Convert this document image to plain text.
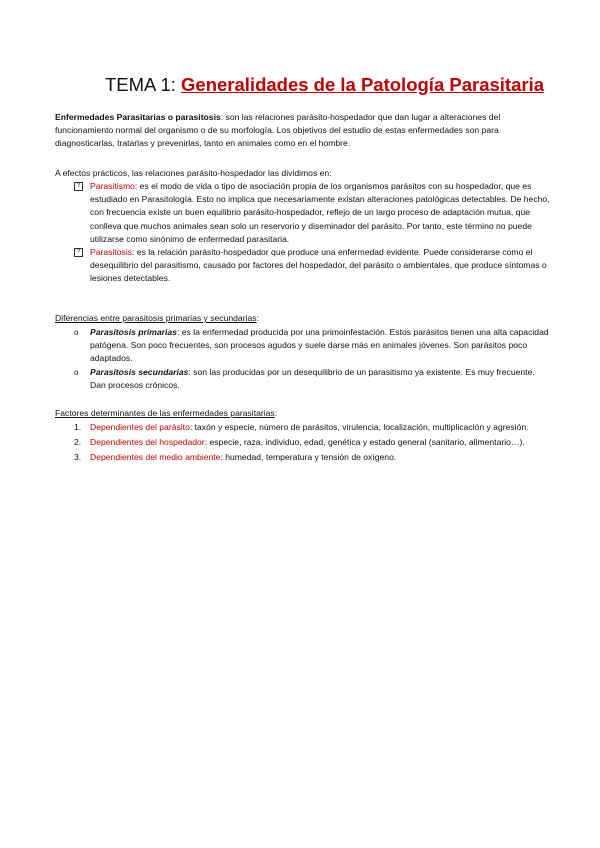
TEMA 1: Generalidades de la Patología Parasitaria

Enfermedades Parasitarias o parasitosis: son las relaciones parásito-hospedador que dan lugar a alteraciones del funcionamiento normal del organismo o de su morfología. Los objetivos del estudio de estas enfermedades son para diagnosticarlas, tratarlas y prevenirlas, tanto en animales como en el hombre.

A efectos prácticos, las relaciones parásito-hospedador las dividimos en:

?	Parasitismo: es el modo de vida o tipo de asociación propia de los organismos parásitos con su hospedador, que es estudiado en Parasitología. Esto no implica que necesariamente existan alteraciones patológicas detectables. De hecho, con frecuencia existe un buen equilibrio parásito-hospedador, reflejo de un largo proceso de adaptación mutua, que conlleva que muchos animales sean solo un reservorio y diseminador del parásito. Por tanto, este término no puede utilizarse como sinónimo de enfermedad parasitaria.
?	Parasitosis: es la relación parásito-hospedador que produce una enfermedad evidente. Puede considerarse como el desequilibrio del parasitismo, causado por factores del hospedador, del parásito o ambientales, que produce síntomas o lesiones detectables.
Diferencias entre parasitosis primarias y secundarias:
o Parasitosis primarias: es la enfermedad producida por una primoinfestación. Estos parásitos tienen una alta capacidad patógena. Son poco frecuentes, son procesos agudos y suele darse más en animales jóvenes. Son parásitos poco adaptados.
o Parasitosis secundarias: son las producidas por un desequilibrio de un parasitismo ya existente. Es muy frecuente. Dan procesos crónicos.
Factores determinantes de las enfermedades parasitarias:
1. Dependientes del parásito: taxón y especie, número de parásitos, virulencia, localización, multiplicación y agresión.
2. Dependientes del hospedador: especie, raza, individuo, edad, genética y estado general (sanitario, alimentario…).
3. Dependientes del medio ambiente: humedad, temperatura y tensión de oxígeno.
